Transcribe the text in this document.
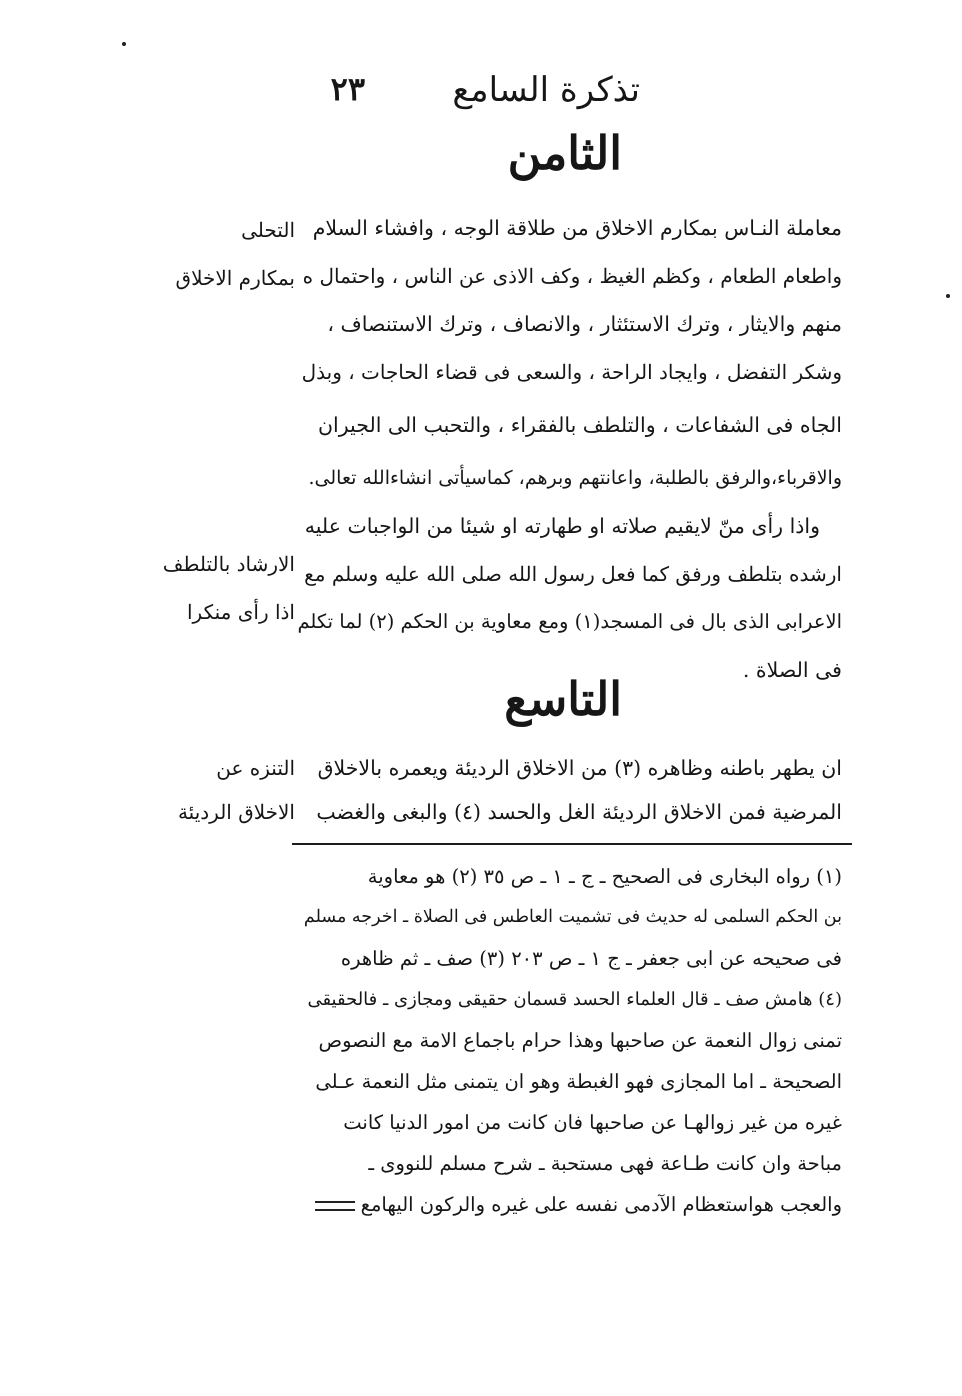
تذكرة السامع
٢٣
الثامن
معاملة النـاس بمكارم الاخلاق من طلاقة الوجه ، وافشاء السلام
واطعام الطعام ، وكظم الغيظ ، وكف الاذى عن الناس ، واحتمال ه
منهم والايثار ، وترك الاستئثار ، والانصاف ، وترك الاستنصاف ،
وشكر التفضل ، وايجاد الراحة ، والسعى فى قضاء الحاجات ، وبذل
الجاه فى الشفاعات ، والتلطف بالفقراء ، والتحبب الى الجيران
والاقرباء،والرفق بالطلبة، واعانتهم وبرهم، كماسيأتى انشاءالله تعالى.
واذا رأى منّ لايقيم صلاته او طهارته او شيئا من الواجبات عليه
ارشده بتلطف ورفق كما فعل رسول الله صلى الله عليه وسلم مع
الاعرابى الذى بال فى المسجد(١) ومع معاوية بن الحكم (٢) لما تكلم
فى الصلاة .
التاسع
ان يطهر باطنه وظاهره (٣) من الاخلاق الرديئة ويعمره بالاخلاق
المرضية فمن الاخلاق الرديئة الغل والحسد (٤) والبغى والغضب
التحلى
بمكارم الاخلاق
الارشاد بالتلطف
اذا رأى منكرا
التنزه عن
الاخلاق الرديئة
(١) رواه البخارى فى الصحيح ـ ج ـ ١ ـ ص ٣٥ (٢) هو معاوية
بن الحكم السلمى له حديث فى تشميت العاطس فى الصلاة ـ اخرجه مسلم
فى صحيحه عن ابى جعفر ـ ج ١ ـ ص ٢٠٣ (٣) صف ـ ثم ظاهره
(٤) هامش صف ـ قال العلماء الحسد قسمان حقيقى ومجازى ـ فالحقيقى
تمنى زوال النعمة عن صاحبها وهذا حرام باجماع الامة مع النصوص
الصحيحة ـ اما المجازى فهو الغبطة وهو ان يتمنى مثل النعمة عـلى
غيره من غير زوالهـا عن صاحبها فان كانت من امور الدنيا كانت
مباحة وان كانت طـاعة فهى مستحبة ـ شرح مسلم للنووى ـ
والعجب هواستعظام الآدمى نفسه على غيره والركون اليهامع
